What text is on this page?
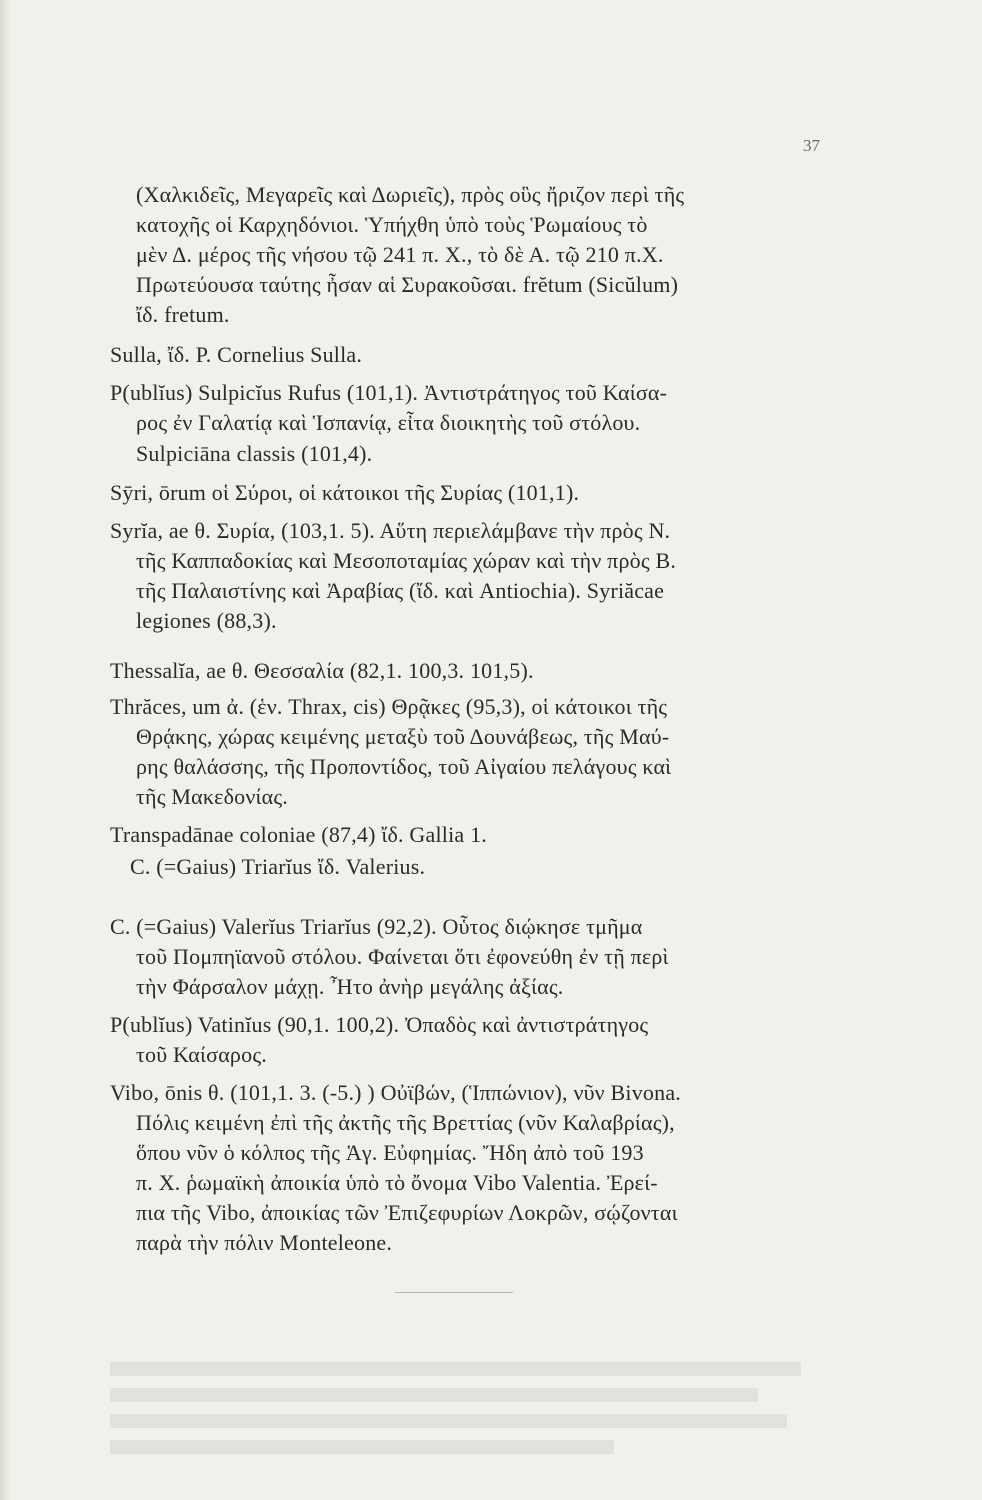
37
(Χαλκιδεῖς, Μεγαρεῖς καὶ Δωριεῖς), πρὸς οὓς ἤριζον περὶ τῆς
κατοχῆς οἱ Καρχηδόνιοι. Ὑπήχθη ὑπὸ τοὺς Ῥωμαίους τὸ
μὲν Δ. μέρος τῆς νήσου τῷ 241 π. Χ., τὸ δὲ Α. τῷ 210 π.Χ.
Πρωτεύουσα ταύτης ἦσαν αἱ Συρακοῦσαι. frĕtum (Sicŭlum)
ἴδ. fretum.
Sulla, ἴδ. P. Cornelius Sulla.
P(ublĭus) Sulpicĭus Rufus (101,1). Ἀντιστράτηγος τοῦ Καίσα-
ρος ἐν Γαλατίᾳ καὶ Ἱσπανίᾳ, εἶτα διοικητὴς τοῦ στόλου.
Sulpiciāna classis (101,4).
Sȳri, ōrum οἱ Σύροι, οἱ κάτοικοι τῆς Συρίας (101,1).
Syrĭa, ae θ. Συρία, (103,1. 5). Αὕτη περιελάμβανε τὴν πρὸς Ν.
τῆς Καππαδοκίας καὶ Μεσοποταμίας χώραν καὶ τὴν πρὸς Β.
τῆς Παλαιστίνης καὶ Ἀραβίας (ἴδ. καὶ Antiochia). Syriăcae
legiones (88,3).
Thessalĭa, ae θ. Θεσσαλία (82,1. 100,3. 101,5).
Thrăces, um ἀ. (ἑν. Thrax, cis) Θρᾷκες (95,3), οἱ κάτοικοι τῆς
Θρᾴκης, χώρας κειμένης μεταξὺ τοῦ Δουνάβεως, τῆς Μαύ-
ρης θαλάσσης, τῆς Προποντίδος, τοῦ Αἰγαίου πελάγους καὶ
τῆς Μακεδονίας.
Transpadānae coloniae (87,4) ἴδ. Gallia 1.
C. (=Gaius) Triarĭus ἴδ. Valerius.
C. (=Gaius) Valerĭus Triarĭus (92,2). Οὗτος διῴκησε τμῆμα
τοῦ Πομπηϊανοῦ στόλου. Φαίνεται ὅτι ἐφονεύθη ἐν τῇ περὶ
τὴν Φάρσαλον μάχῃ. Ἦτο ἀνὴρ μεγάλης ἀξίας.
P(ublĭus) Vatinĭus (90,1. 100,2). Ὀπαδὸς καὶ ἀντιστράτηγος
τοῦ Καίσαρος.
Vibo, ōnis θ. (101,1. 3. (-5.) ) Οὐϊβών, (Ἱππώνιον), νῦν Bivona.
Πόλις κειμένη ἐπὶ τῆς ἀκτῆς τῆς Βρεττίας (νῦν Καλαβρίας),
ὅπου νῦν ὁ κόλπος τῆς Ἁγ. Εὐφημίας. Ἤδη ἀπὸ τοῦ 193
π. Χ. ῥωμαϊκὴ ἀποικία ὑπὸ τὸ ὄνομα Vibo Valentia. Ἐρεί-
πια τῆς Vibo, ἀποικίας τῶν Ἐπιζεφυρίων Λοκρῶν, σῴζονται
παρὰ τὴν πόλιν Monteleone.
